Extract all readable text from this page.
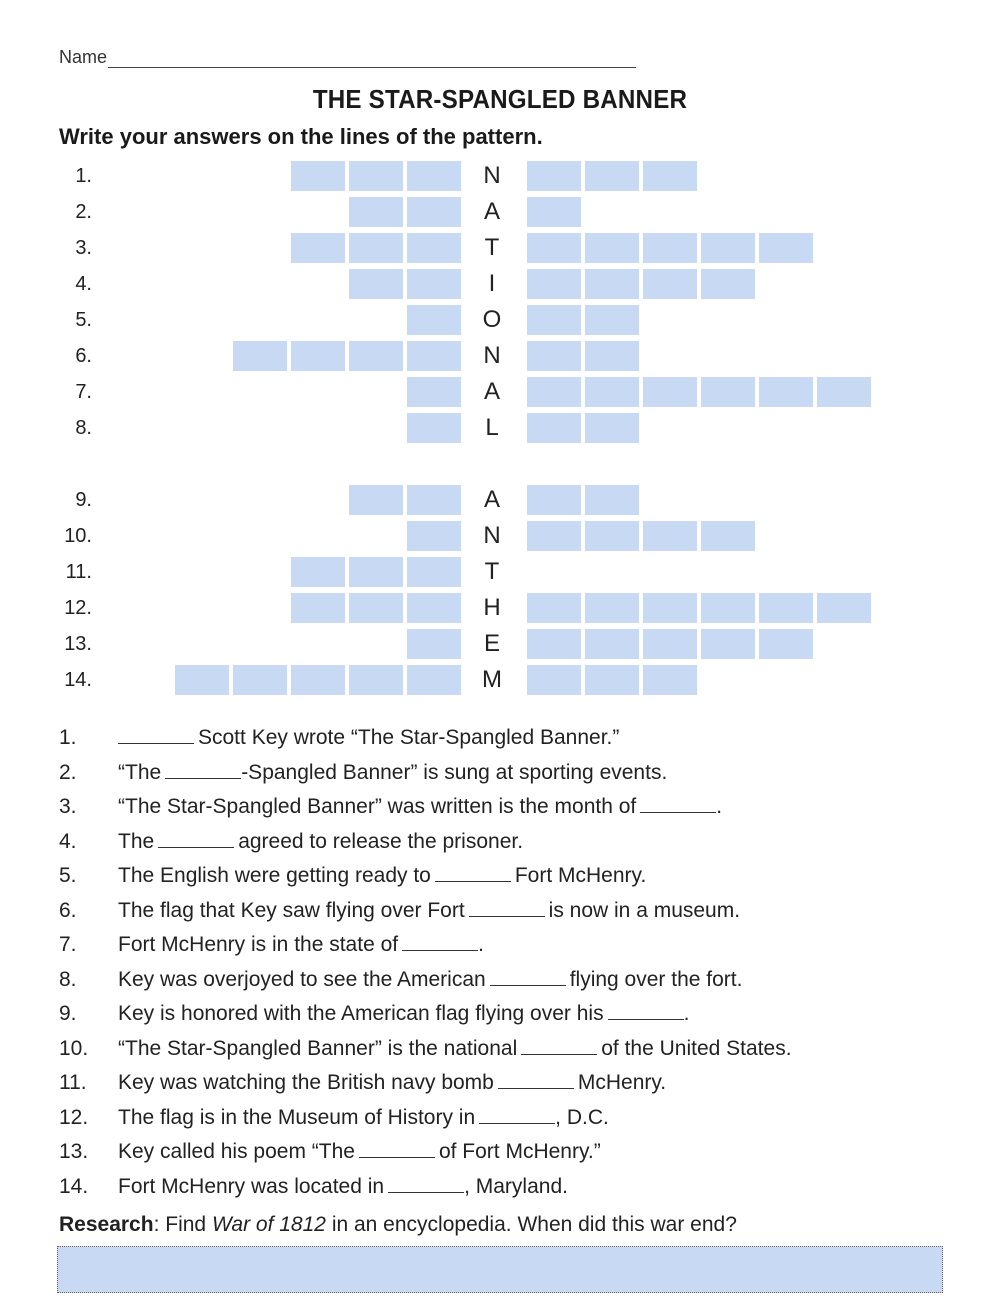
Name
THE STAR-SPANGLED BANNER
Write your answers on the lines of the pattern.
1.	N
2.	A
3.	T
4.	I
5.	O
6.	N
7.	A
8.	L
9.	A
10.	N
11.	T
12.	H
13.	E
14.	M
1.	Scott Key wrote “The Star-Spangled Banner.”
2. “The	-Spangled Banner” is sung at sporting events.
3. “The Star-Spangled Banner” was written is the month of	.
4. The	agreed to release the prisoner.
5. The English were getting ready to	Fort McHenry.
6. The flag that Key saw flying over Fort	is now in a museum.
7. Fort McHenry is in the state of	.
8. Key was overjoyed to see the American	flying over the fort.
9. Key is honored with the American flag flying over his	.
10. “The Star-Spangled Banner” is the national	of the United States.
11. Key was watching the British navy bomb	McHenry.
12. The flag is in the Museum of History in	, D.C.
13. Key called his poem “The	of Fort McHenry.”
14. Fort McHenry was located in	, Maryland.
Research: Find War of 1812 in an encyclopedia. When did this war end?
